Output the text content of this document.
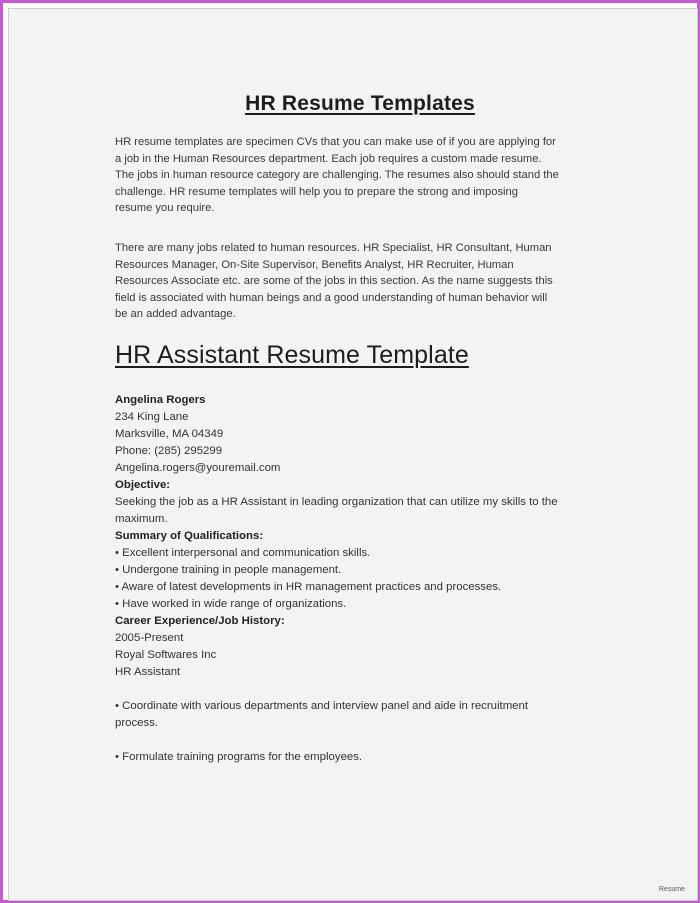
HR Resume Templates

HR resume templates are specimen CVs that you can make use of if you are applying for
a job in the Human Resources department. Each job requires a custom made resume.
The jobs in human resource category are challenging. The resumes also should stand the
challenge. HR resume templates will help you to prepare the strong and imposing
resume you require.

There are many jobs related to human resources. HR Specialist, HR Consultant, Human
Resources Manager, On-Site Supervisor, Benefits Analyst, HR Recruiter, Human
Resources Associate etc. are some of the jobs in this section. As the name suggests this
field is associated with human beings and a good understanding of human behavior will
be an added advantage.

HR Assistant Resume Template
Angelina Rogers
234 King Lane
Marksville, MA 04349
Phone: (285) 295299
Angelina.rogers@youremail.com
Objective:
Seeking the job as a HR Assistant in leading organization that can utilize my skills to the
maximum.
Summary of Qualifications:
• Excellent interpersonal and communication skills.
• Undergone training in people management.
• Aware of latest developments in HR management practices and processes.
• Have worked in wide range of organizations.
Career Experience/Job History:
2005-Present
Royal Softwares Inc
HR Assistant
• Coordinate with various departments and interview panel and aide in recruitment
process.
• Formulate training programs for the employees.
Resume
